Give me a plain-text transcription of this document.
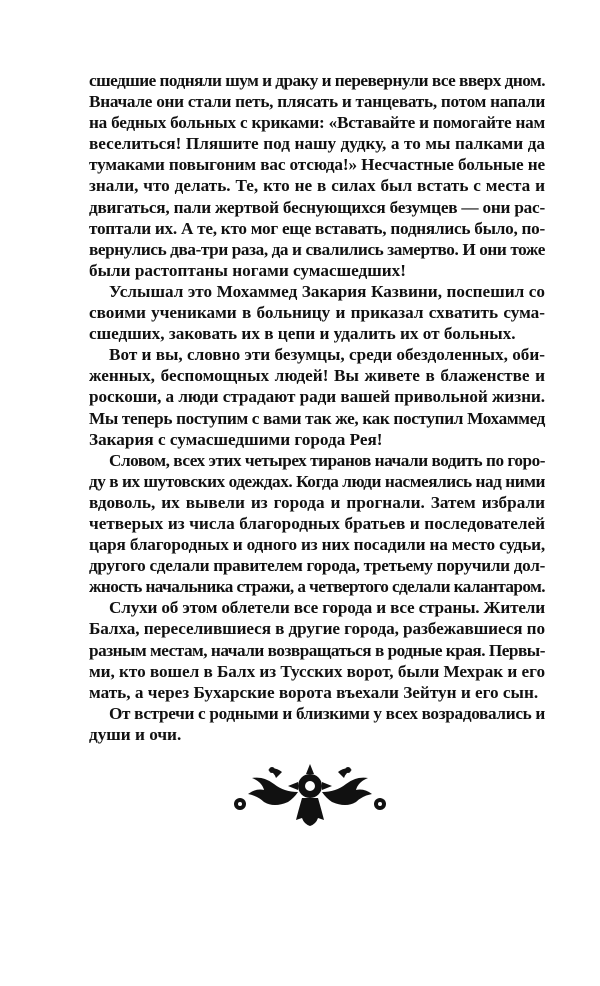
сшедшие подняли шум и драку и перевернули все вверх дном.
Вначале они стали петь, плясать и танцевать, потом напали
на бедных больных с криками: «Вставайте и помогайте нам
веселиться! Пляшите под нашу дудку, а то мы палками да
тумаками повыгоним вас отсюда!» Несчастные больные не
знали, что делать. Те, кто не в силах был встать с места и
двигаться, пали жертвой беснующихся безумцев — они рас-
топтали их. А те, кто мог еще вставать, поднялись было, по-
вернулись два-три раза, да и свалились замертво. И они тоже
были растоптаны ногами сумасшедших!
Услышал это Мохаммед Закария Казвини, поспешил со
своими учениками в больницу и приказал схватить сума-
сшедших, заковать их в цепи и удалить их от больных.
Вот и вы, словно эти безумцы, среди обездоленных, оби-
женных, беспомощных людей! Вы живете в блаженстве и
роскоши, а люди страдают ради вашей привольной жизни.
Мы теперь поступим с вами так же, как поступил Мохаммед
Закария с сумасшедшими города Рея!
Словом, всех этих четырех тиранов начали водить по горо-
ду в их шутовских одеждах. Когда люди насмеялись над ними
вдоволь, их вывели из города и прогнали. Затем избрали
четверых из числа благородных братьев и последователей
царя благородных и одного из них посадили на место судьи,
другого сделали правителем города, третьему поручили дол-
жность начальника стражи, а четвертого сделали калантаром.
Слухи об этом облетели все города и все страны. Жители
Балха, переселившиеся в другие города, разбежавшиеся по
разным местам, начали возвращаться в родные края. Первы-
ми, кто вошел в Балх из Тусских ворот, были Мехрак и его
мать, а через Бухарские ворота въехали Зейтун и его сын.
От встречи с родными и близкими у всех возрадовались и
души и очи.
